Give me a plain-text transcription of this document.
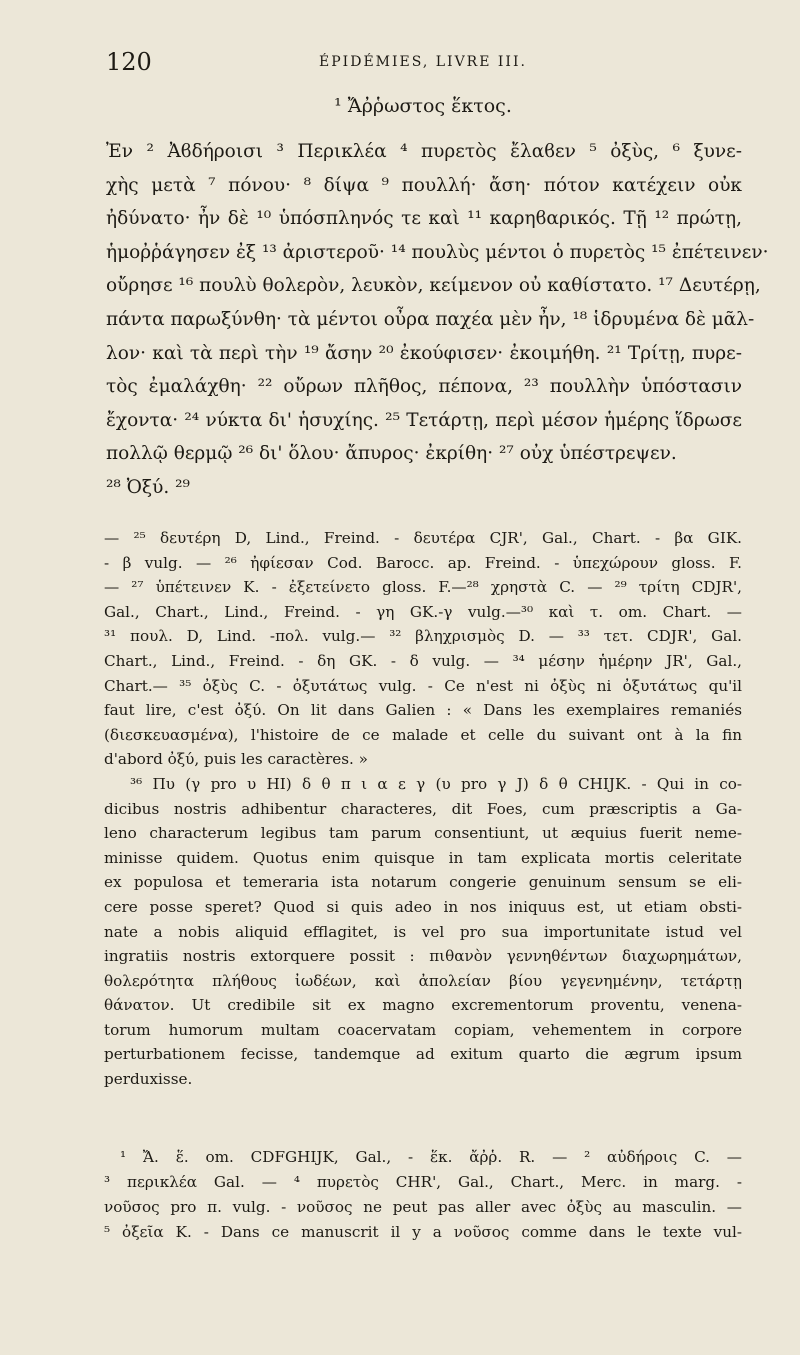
120	ÉPIDÉMIES, LIVRE III.
¹ Ἄῤῥωστος ἕκτος.
Ἐν ² Ἀϐδήροισι ³ Περικλέα ⁴ πυρετὸς ἔλαϐεν ⁵ ὀξὺς, ⁶ ξυνε-
χὴς μετὰ ⁷ πόνου· ⁸ δίψα ⁹ πουλλή· ἄση· πότον κατέχειν οὐκ
ἠδύνατο· ἦν δὲ ¹⁰ ὑπόσπληνός τε καὶ ¹¹ καρηϐαρικός. Τῇ ¹² πρώτῃ,
ἡμοῤῥάγησεν ἐξ ¹³ ἀριστεροῦ· ¹⁴ πουλὺς μέντοι ὁ πυρετὸς ¹⁵ ἐπέτεινεν·
οὔρησε ¹⁶ πουλὺ θολερὸν, λευκὸν, κείμενον οὐ καθίστατο. ¹⁷ Δευτέρῃ,
πάντα παρωξύνθη· τὰ μέντοι οὖρα παχέα μὲν ἦν, ¹⁸ ἱδρυμένα δὲ μᾶλ-
λον· καὶ τὰ περὶ τὴν ¹⁹ ἄσην ²⁰ ἐκούφισεν· ἐκοιμήθη. ²¹ Τρίτῃ, πυρε-
τὸς ἐμαλάχθη· ²² οὔρων πλῆθος, πέπονα, ²³ πουλλὴν ὑπόστασιν
ἔχοντα· ²⁴ νύκτα δι' ἡσυχίης. ²⁵ Τετάρτῃ, περὶ μέσον ἡμέρης ἵδρωσε
πολλῷ θερμῷ ²⁶ δι' ὅλου· ἄπυρος· ἐκρίθη· ²⁷ οὐχ ὑπέστρεψεν.
²⁸ Ὀξύ. ²⁹
— ²⁵ δευτέρη D, Lind., Freind. - δευτέρα CJR', Gal., Chart. - βα GIK.
- β vulg. — ²⁶ ἠφίεσαν Cod. Barocc. ap. Freind. - ὑπεχώρουν gloss. F.
— ²⁷ ὑπέτεινεν K. - ἐξετείνετο gloss. F.—²⁸ χρηστὰ C. — ²⁹ τρίτη CDJR',
Gal., Chart., Lind., Freind. - γη GK.-γ vulg.—³⁰ καὶ τ. om. Chart. —
³¹ πουλ. D, Lind. -πολ. vulg.— ³² βληχρισμὸς D. — ³³ τετ. CDJR', Gal.
Chart., Lind., Freind. - δη GK. - δ vulg. — ³⁴ μέσην ἡμέρην JR', Gal.,
Chart.— ³⁵ ὀξὺς C. - ὀξυτάτως vulg. - Ce n'est ni ὀξὺς ni ὀξυτάτως qu'il
faut lire, c'est ὀξύ. On lit dans Galien : « Dans les exemplaires remaniés
(διεσκευασμένα), l'histoire de ce malade et celle du suivant ont à la fin
d'abord ὀξύ, puis les caractères. »
³⁶ Πυ (γ pro υ HI) δ θ π ι α ε γ (υ pro γ J) δ θ CHIJK. - Qui in co-
dicibus nostris adhibentur characteres, dit Foes, cum præscriptis a Ga-
leno characterum legibus tam parum consentiunt, ut æquius fuerit neme-
minisse quidem. Quotus enim quisque in tam explicata mortis celeritate
ex populosa et temeraria ista notarum congerie genuinum sensum se eli-
cere posse speret? Quod si quis adeo in nos iniquus est, ut etiam obsti-
nate a nobis aliquid efflagitet, is vel pro sua importunitate istud vel
ingratiis nostris extorquere possit : πιθανὸν γεννηθέντων διαχωρημάτων,
θολερότητα πλήθους ἰωδέων, καὶ ἀπολείαν βίου γεγενημένην, τετάρτῃ
θάνατον. Ut credibile sit ex magno excrementorum proventu, venena-
torum humorum multam coacervatam copiam, vehementem in corpore
perturbationem fecisse, tandemque ad exitum quarto die ægrum ipsum
perduxisse.
¹ Ἄ. ἕ. om. CDFGHIJK, Gal., - ἕκ. ἄῤῥ. R. — ² αὐδήροις C. —
³ περικλέα Gal. — ⁴ πυρετὸς CHR', Gal., Chart., Merc. in marg. -
νοῦσος pro π. vulg. - νοῦσος ne peut pas aller avec ὀξὺς au masculin. —
⁵ ὀξεῖα K. - Dans ce manuscrit il y a νοῦσος comme dans le texte vul-
